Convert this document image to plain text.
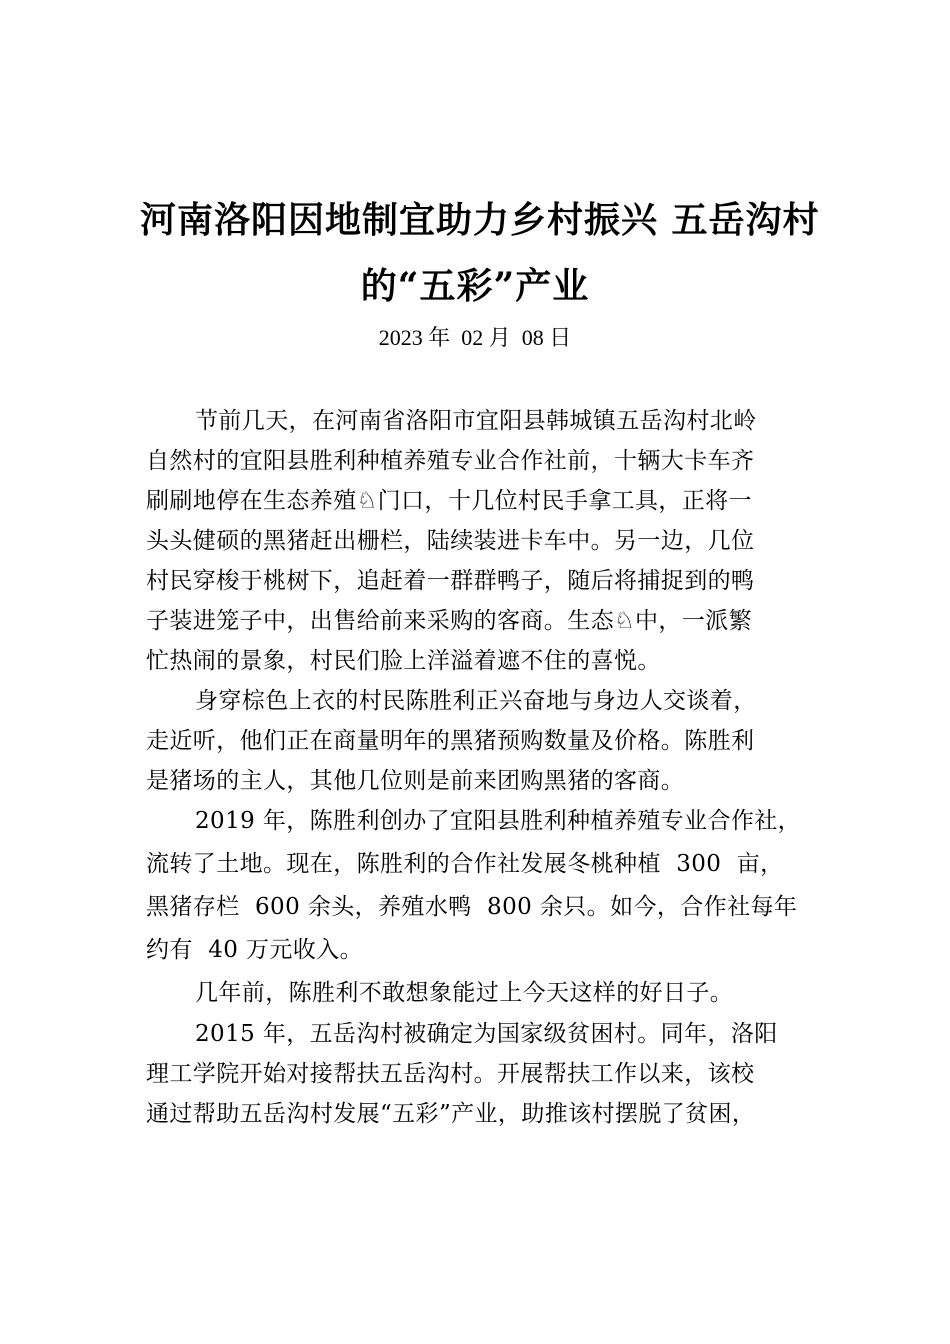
河南洛阳因地制宜助力乡村振兴 五岳沟村
的“五彩”产业
2023 年  02 月  08 日
节前几天，在河南省洛阳市宜阳县韩城镇五岳沟村北岭
自然村的宜阳县胜利种植养殖专业合作社前，十辆大卡车齐
刷刷地停在生态养殖♘门口，十几位村民手拿工具，正将一
头头健硕的黑猪赶出栅栏，陆续装进卡车中。另一边，几位
村民穿梭于桃树下，追赶着一群群鸭子，随后将捕捉到的鸭
子装进笼子中，出售给前来采购的客商。生态♘中，一派繁
忙热闹的景象，村民们脸上洋溢着遮不住的喜悦。
身穿棕色上衣的村民陈胜利正兴奋地与身边人交谈着，
走近听，他们正在商量明年的黑猪预购数量及价格。陈胜利
是猪场的主人，其他几位则是前来团购黑猪的客商。
2019 年，陈胜利创办了宜阳县胜利种植养殖专业合作社，
流转了土地。现在，陈胜利的合作社发展冬桃种植  300  亩，
黑猪存栏  600 余头，养殖水鸭  800 余只。如今，合作社每年
约有  40 万元收入。
几年前，陈胜利不敢想象能过上今天这样的好日子。
2015 年，五岳沟村被确定为国家级贫困村。同年，洛阳
理工学院开始对接帮扶五岳沟村。开展帮扶工作以来，该校
通过帮助五岳沟村发展“五彩”产业，助推该村摆脱了贫困，
